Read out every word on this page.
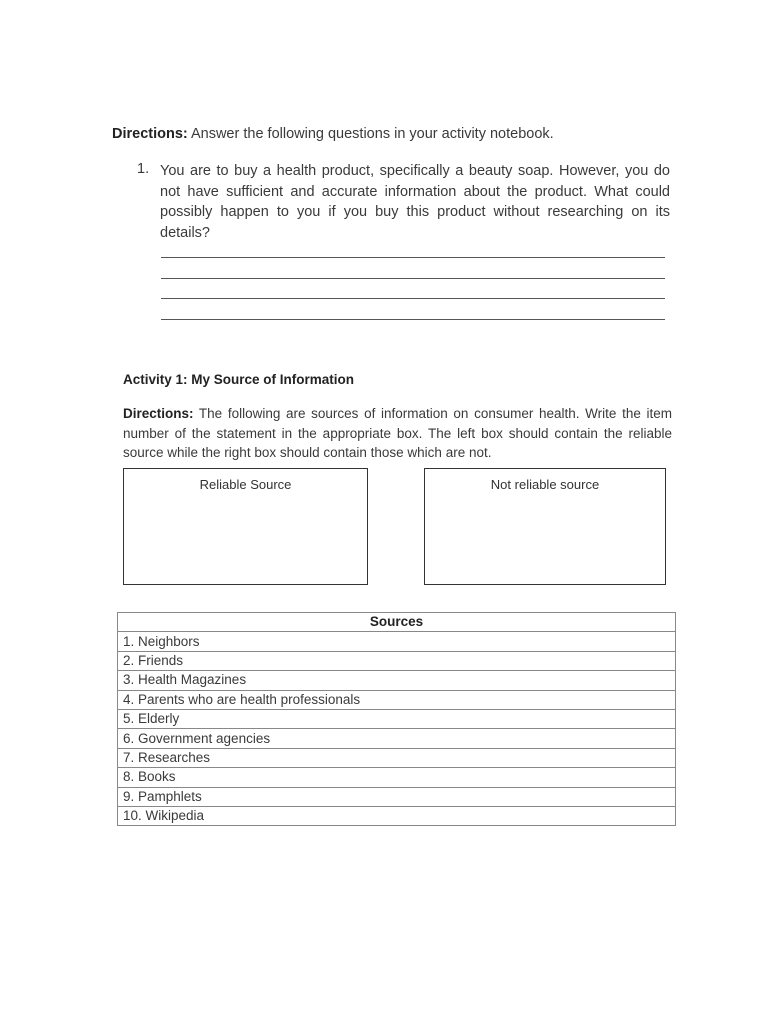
Directions: Answer the following questions in your activity notebook.
1. You are to buy a health product, specifically a beauty soap. However, you do not have sufficient and accurate information about the product. What could possibly happen to you if you buy this product without researching on its details?
Activity 1: My Source of Information
Directions: The following are sources of information on consumer health. Write the item number of the statement in the appropriate box. The left box should contain the reliable source while the right box should contain those which are not.
Reliable Source	Not reliable source
Sources
1. Neighbors
2. Friends
3. Health Magazines
4. Parents who are health professionals
5. Elderly
6. Government agencies
7. Researches
8. Books
9. Pamphlets
10. Wikipedia
